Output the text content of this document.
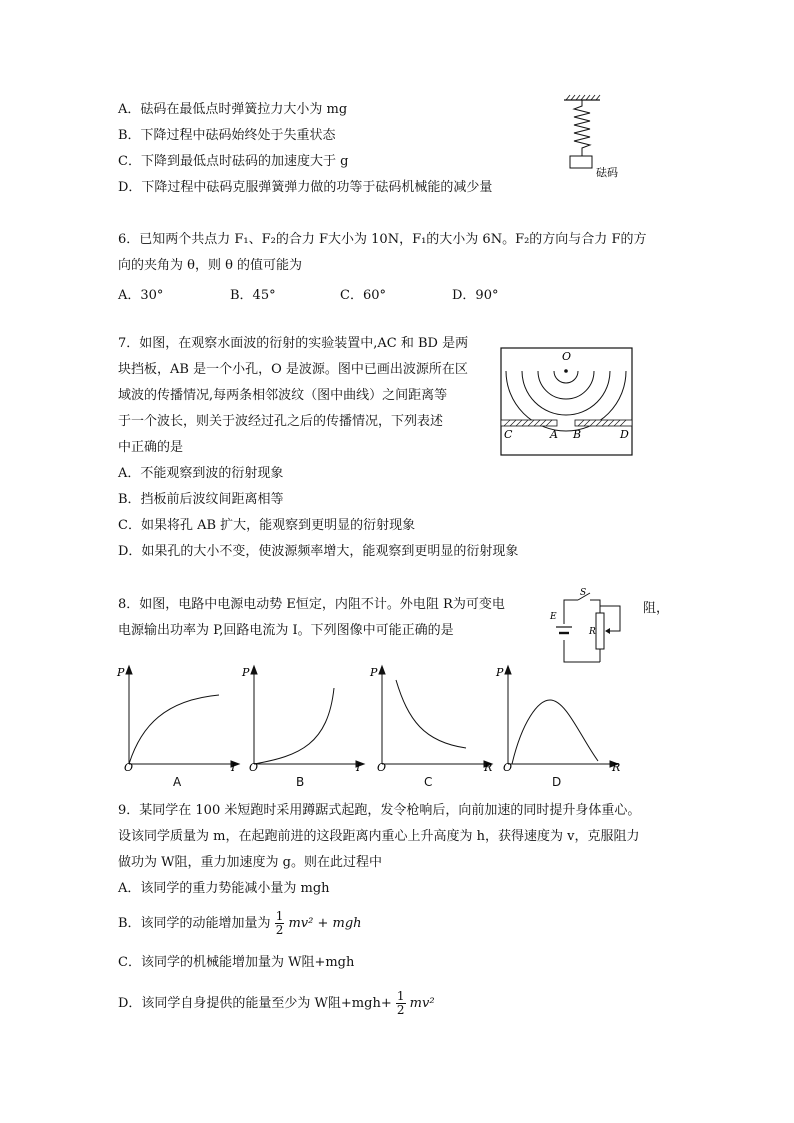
A．砝码在最低点时弹簧拉力大小为 mg
B．下降过程中砝码始终处于失重状态
C．下降到最低点时砝码的加速度大于 g
D．下降过程中砝码克服弹簧弹力做的功等于砝码机械能的减少量
砝码
6．已知两个共点力 F₁、F₂的合力 F大小为 10N，F₁的大小为 6N。F₂的方向与合力 F的方
向的夹角为 θ，则 θ 的值可能为
A．30°	B．45°	C．60°	D．90°
7．如图，在观察水面波的衍射的实验装置中,AC 和 BD 是两
块挡板，AB 是一个小孔，O 是波源。图中已画出波源所在区
域波的传播情况,每两条相邻波纹（图中曲线）之间距离等
于一个波长，则关于波经过孔之后的传播情况，下列表述
中正确的是
A．不能观察到波的衍射现象
B．挡板前后波纹间距离相等
C．如果将孔 AB 扩大，能观察到更明显的衍射现象
D．如果孔的大小不变，使波源频率增大，能观察到更明显的衍射现象
O
C	A B	D
8．如图，电路中电源电动势 E恒定，内阻不计。外电阻 R为可变电	阻，
电源输出功率为 P,回路电流为 I。下列图像中可能正确的是
S
E
R
P
O	I
A
P
O	I
B
P
O	R
C
P
O	R
D
9．某同学在 100 米短跑时采用蹲踞式起跑，发令枪响后，向前加速的同时提升身体重心。
设该同学质量为 m，在起跑前进的这段距离内重心上升高度为 h，获得速度为 v，克服阻力
做功为 W阻，重力加速度为 g。则在此过程中
A．该同学的重力势能减小量为 mgh
B．该同学的动能增加量为 $\frac{1}{2} mv^2$ + mgh
C．该同学的机械能增加量为 W阻+mgh
D．该同学自身提供的能量至少为 W阻$+mgh+ \frac{1}{2} mv^2$
